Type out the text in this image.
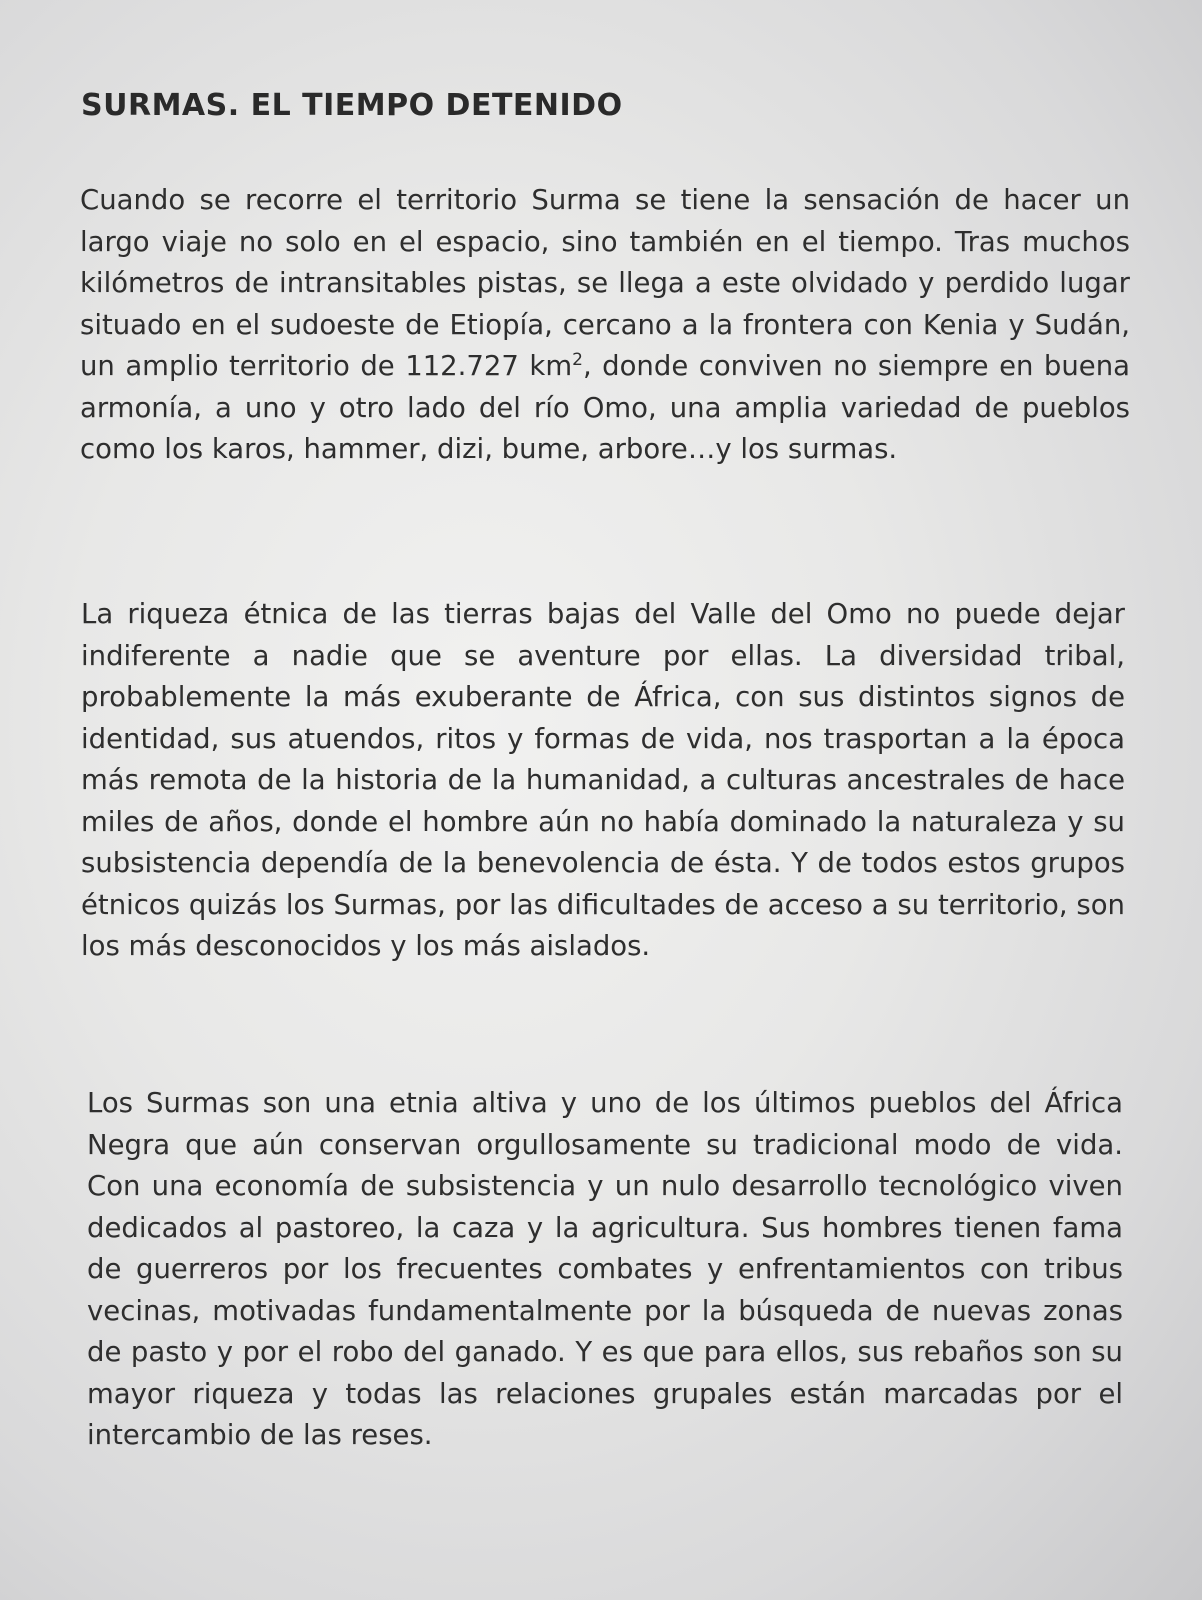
SURMAS. EL TIEMPO DETENIDO

Cuando se recorre el territorio Surma se tiene la sensación de hacer un largo viaje no solo en el espacio, sino también en el tiempo. Tras muchos kilómetros de intransitables pistas, se llega a este olvidado y perdido lugar situado en el sudoeste de Etiopía, cercano a la frontera con Kenia y Sudán, un amplio territorio de 112.727 $km^2$, donde conviven no siempre en buena armonía, a uno y otro lado del río Omo, una amplia variedad de pueblos como los karos, hammer, dizi, bume, arbore…y los surmas.

La riqueza étnica de las tierras bajas del Valle del Omo no puede dejar indiferente a nadie que se aventure por ellas. La diversidad tribal, probablemente la más exuberante de África, con sus distintos signos de identidad, sus atuendos, ritos y formas de vida, nos trasportan a la época más remota de la historia de la humanidad, a culturas ancestrales de hace miles de años, donde el hombre aún no había dominado la naturaleza y su subsistencia dependía de la benevolencia de ésta. Y de todos estos grupos étnicos quizás los Surmas, por las dificultades de acceso a su territorio, son los más desconocidos y los más aislados.

Los Surmas son una etnia altiva y uno de los últimos pueblos del África Negra que aún conservan orgullosamente su tradicional modo de vida. Con una economía de subsistencia y un nulo desarrollo tecnológico viven dedicados al pastoreo, la caza y la agricultura. Sus hombres tienen fama de guerreros por los frecuentes combates y enfrentamientos con tribus vecinas, motivadas fundamentalmente por la búsqueda de nuevas zonas de pasto y por el robo del ganado. Y es que para ellos, sus rebaños son su mayor riqueza y todas las relaciones grupales están marcadas por el intercambio de las reses.
